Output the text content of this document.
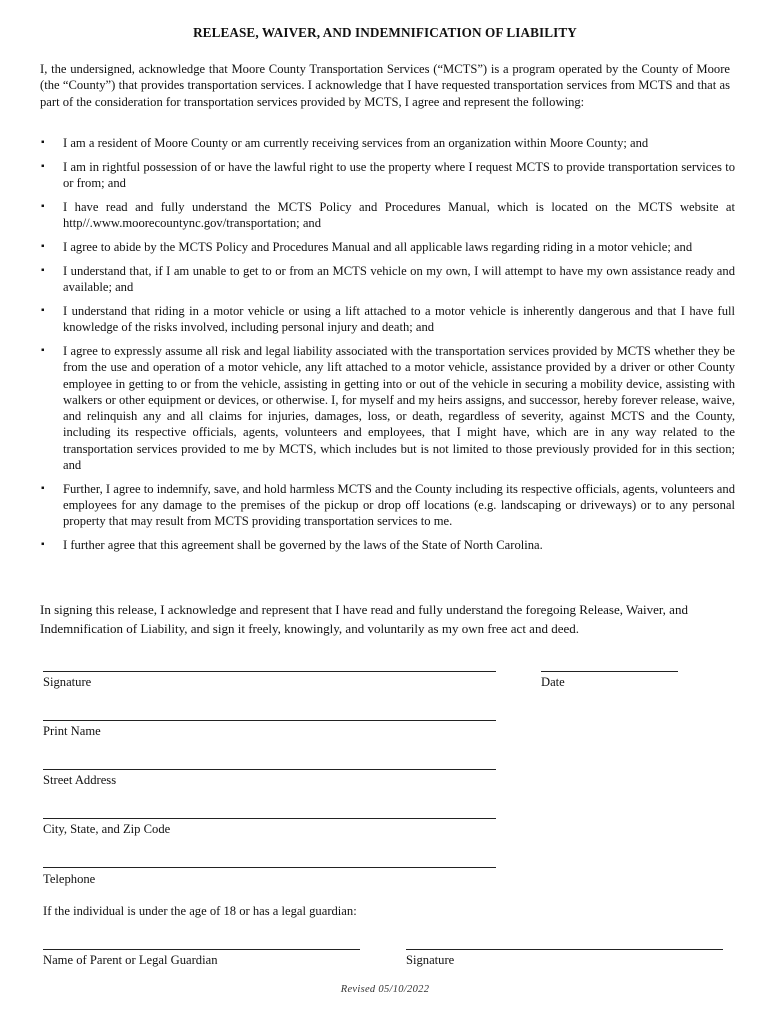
RELEASE, WAIVER, AND INDEMNIFICATION OF LIABILITY
I, the undersigned, acknowledge that Moore County Transportation Services (“MCTS”) is a program operated by the County of Moore (the “County”) that provides transportation services. I acknowledge that I have requested transportation services from MCTS and that as part of the consideration for transportation services provided by MCTS, I agree and represent the following:
▪ I am a resident of Moore County or am currently receiving services from an organization within Moore County; and
▪ I am in rightful possession of or have the lawful right to use the property where I request MCTS to provide transportation services to or from; and
▪ I have read and fully understand the MCTS Policy and Procedures Manual, which is located on the MCTS website at http//.www.moorecountync.gov/transportation; and
▪ I agree to abide by the MCTS Policy and Procedures Manual and all applicable laws regarding riding in a motor vehicle; and
▪ I understand that, if I am unable to get to or from an MCTS vehicle on my own, I will attempt to have my own assistance ready and available; and
▪ I understand that riding in a motor vehicle or using a lift attached to a motor vehicle is inherently dangerous and that I have full knowledge of the risks involved, including personal injury and death; and
▪ I agree to expressly assume all risk and legal liability associated with the transportation services provided by MCTS whether they be from the use and operation of a motor vehicle, any lift attached to a motor vehicle, assistance provided by a driver or other County employee in getting to or from the vehicle, assisting in getting into or out of the vehicle in securing a mobility device, assisting with walkers or other equipment or devices, or otherwise. I, for myself and my heirs assigns, and successor, hereby forever release, waive, and relinquish any and all claims for injuries, damages, loss, or death, regardless of severity, against MCTS and the County, including its respective officials, agents, volunteers and employees, that I might have, which are in any way related to the transportation services provided to me by MCTS, which includes but is not limited to those previously provided for in this section; and
▪ Further, I agree to indemnify, save, and hold harmless MCTS and the County including its respective officials, agents, volunteers and employees for any damage to the premises of the pickup or drop off locations (e.g. landscaping or driveways) or to any personal property that may result from MCTS providing transportation services to me.
▪ I further agree that this agreement shall be governed by the laws of the State of North Carolina.
In signing this release, I acknowledge and represent that I have read and fully understand the foregoing Release, Waiver, and Indemnification of Liability, and sign it freely, knowingly, and voluntarily as my own free act and deed.
Signature	Date
Print Name
Street Address
City, State, and Zip Code
Telephone
If the individual is under the age of 18 or has a legal guardian:
Name of Parent or Legal Guardian	Signature
Revised 05/10/2022
